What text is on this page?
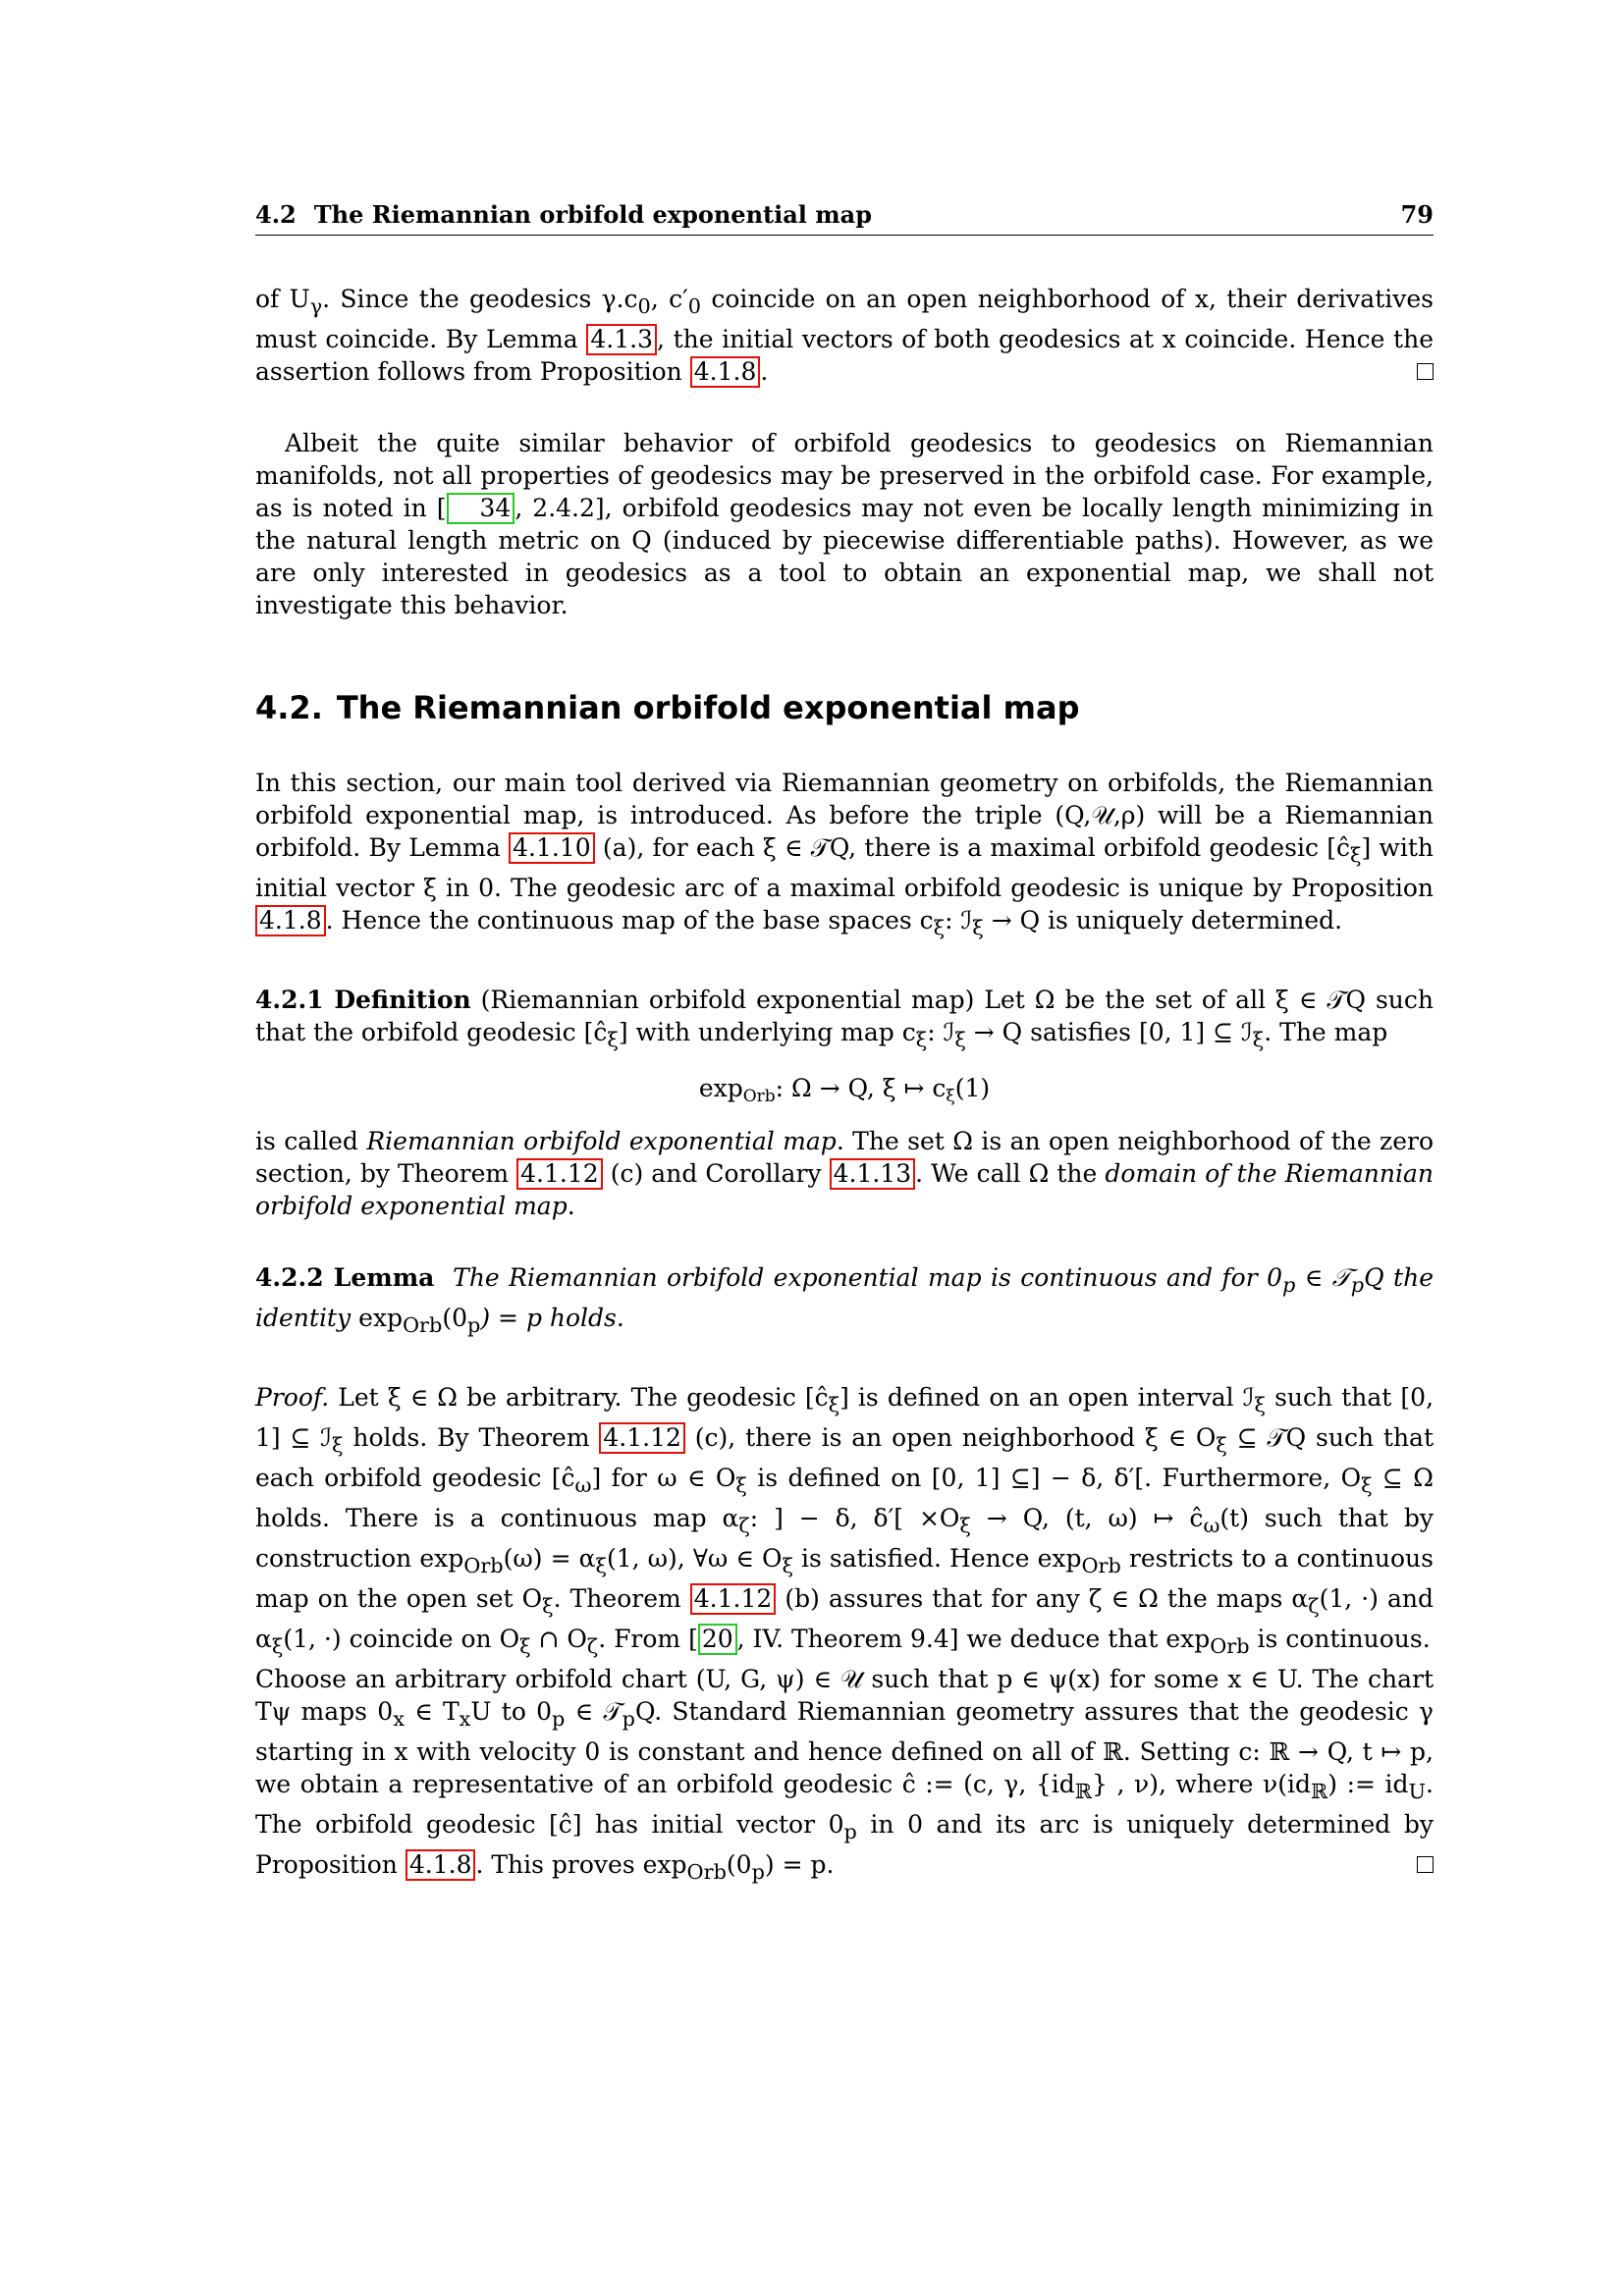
4.2 The Riemannian orbifold exponential map	79

of $U_\gamma$. Since the geodesics $\gamma.c_0$, $c'_0$ coincide on an open neighborhood of x, their derivatives must coincide. By Lemma 4.1.3 , the initial vectors of both geodesics at x coincide. Hence the assertion follows from Proposition 4.1.8 .

Albeit the quite similar behavior of orbifold geodesics to geodesics on Riemannian manifolds, not all properties of geodesics may be preserved in the orbifold case. For example, as is noted in [ 34 , 2.4.2], orbifold geodesics may not even be locally length minimizing in the natural length metric on Q (induced by piecewise differentiable paths). However, as we are only interested in geodesics as a tool to obtain an exponential map, we shall not investigate this behavior.

4.2. The Riemannian orbifold exponential map

In this section, our main tool derived via Riemannian geometry on orbifolds, the Riemannian orbifold exponential map, is introduced. As before the triple (Q,𝒰,ρ) will be a Riemannian orbifold. By Lemma 4.1.10 (a), for each ξ ∈ 𝒯Q, there is a maximal orbifold geodesic $[ĉ_\xi]$ with initial vector ξ in 0. The geodesic arc of a maximal orbifold geodesic is unique by Proposition 4.1.8 . Hence the continuous map of the base spaces $c_\xi$: ℐ$_\xi$ → Q is uniquely determined.

4.2.1 Definition (Riemannian orbifold exponential map) Let Ω be the set of all ξ ∈ 𝒯Q such that the orbifold geodesic $[ĉ_\xi]$ with underlying map $c_\xi$: ℐ$_\xi$ → Q satisfies [0, 1] ⊆ ℐ$_\xi$. The map

$\exp_{Orb}$: Ω → Q, ξ ↦ $c_\xi(1)$

is called Riemannian orbifold exponential map. The set Ω is an open neighborhood of the zero section, by Theorem 4.1.12 (c) and Corollary 4.1.13 . We call Ω the domain of the Riemannian orbifold exponential map.

4.2.2 Lemma The Riemannian orbifold exponential map is continuous and for $0_p$ ∈ 𝒯$_p$Q the identity $\exp_{Orb}(0_p) = p$ holds.

Proof. Let ξ ∈ Ω be arbitrary. The geodesic $[ĉ_\xi]$ is defined on an open interval ℐ$_\xi$ such that [0, 1] ⊆ ℐ$_\xi$ holds. By Theorem 4.1.12 (c), there is an open neighborhood ξ ∈ $O_\xi$ ⊆ 𝒯Q such that each orbifold geodesic $[ĉ_\omega]$ for ω ∈ $O_\xi$ is defined on [0, 1] ⊆] − δ, δ′[. Furthermore, $O_\xi$ ⊆ Ω holds. There is a continuous map $\alpha_\zeta$: ] − δ, $\delta'[ \times O_\xi \to Q$, (t, ω) ↦ $ĉ_\omega(t)$ such that by construction $\exp_{Orb}(\omega) = \alpha_\xi(1$, ω), ∀ω ∈ $O_\xi$ is satisfied. Hence $\exp_{Orb}$ restricts to a continuous map on the open set $O_\xi$. Theorem 4.1.12 (b) assures that for any ζ ∈ Ω the maps $\alpha_\zeta(1$, ·) and $\alpha_\xi(1$, ·) coincide on $O_\xi$ ∩ $O_\zeta$. From [ 20 , IV. Theorem 9.4] we deduce that $\exp_{Orb}$ is continuous.

Choose an arbitrary orbifold chart (U, G, ψ) ∈ 𝒰 such that p ∈ ψ(x) for some x ∈ U. The chart Tψ maps $0_x$ ∈ $T_xU$ to $0_p$ ∈ 𝒯$_p$Q. Standard Riemannian geometry assures that the geodesic γ starting in x with velocity 0 is constant and hence defined on all of ℝ. Setting c: ℝ → Q, t ↦ p, we obtain a representative of an orbifold geodesic ĉ := (c, γ, $\{id_ℝ\}$ , ν), where $\nu(id_ℝ)$ := $id_U$. The orbifold geodesic [ĉ] has initial vector $0_p$ in 0 and its arc is uniquely determined by Proposition 4.1.8 . This proves $\exp_{Orb}(0_p) = p$.
